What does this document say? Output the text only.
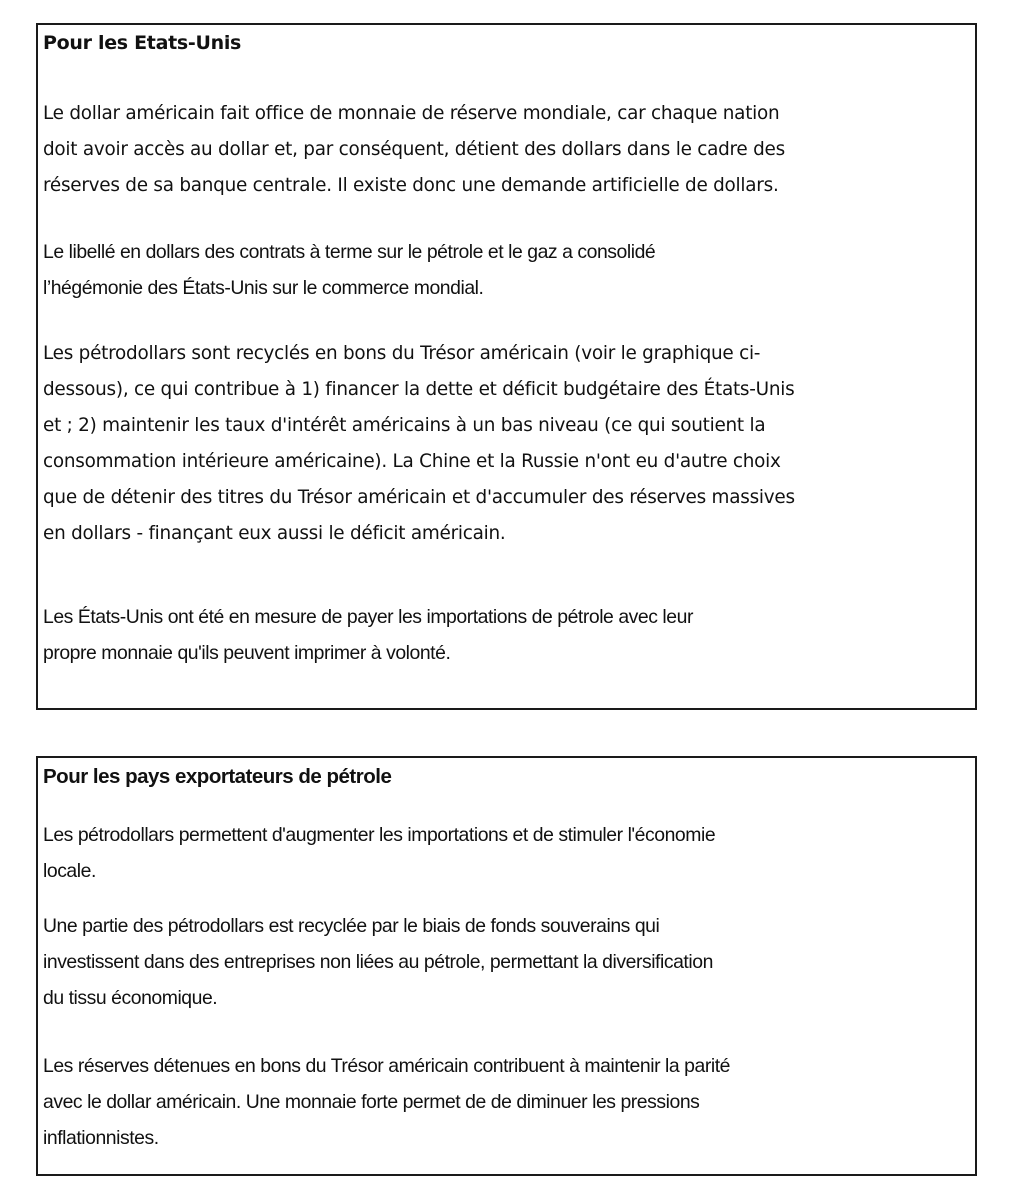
Pour les Etats-Unis

Le dollar américain fait office de monnaie de réserve mondiale, car chaque nation
doit avoir accès au dollar et, par conséquent, détient des dollars dans le cadre des
réserves de sa banque centrale. Il existe donc une demande artificielle de dollars.

Le libellé en dollars des contrats à terme sur le pétrole et le gaz a consolidé
l’hégémonie des États-Unis sur le commerce mondial.

Les pétrodollars sont recyclés en bons du Trésor américain (voir le graphique ci-
dessous), ce qui contribue à 1) financer la dette et déficit budgétaire des États-Unis
et ; 2) maintenir les taux d'intérêt américains à un bas niveau (ce qui soutient la
consommation intérieure américaine). La Chine et la Russie n'ont eu d'autre choix
que de détenir des titres du Trésor américain et d'accumuler des réserves massives
en dollars - finançant eux aussi le déficit américain.

Les États-Unis ont été en mesure de payer les importations de pétrole avec leur
propre monnaie qu'ils peuvent imprimer à volonté.

Pour les pays exportateurs de pétrole

Les pétrodollars permettent d'augmenter les importations et de stimuler l'économie
locale.

Une partie des pétrodollars est recyclée par le biais de fonds souverains qui
investissent dans des entreprises non liées au pétrole, permettant la diversification
du tissu économique.

Les réserves détenues en bons du Trésor américain contribuent à maintenir la parité
avec le dollar américain. Une monnaie forte permet de de diminuer les pressions
inflationnistes.
